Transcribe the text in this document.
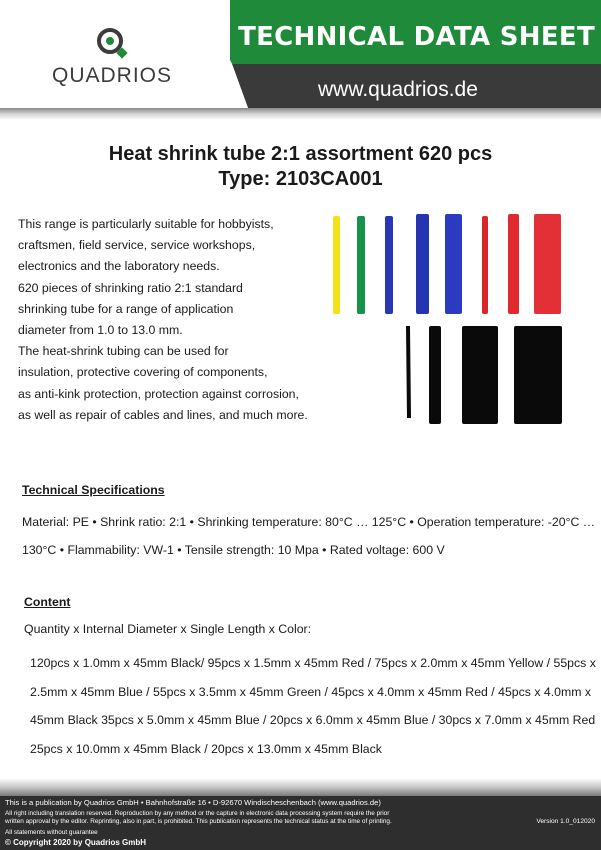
QUADRIOS
TECHNICAL DATA SHEET
www.quadrios.de
Heat shrink tube 2:1 assortment 620 pcs
Type: 2103CA001
This range is particularly suitable for hobbyists,
craftsmen, field service, service workshops,
electronics and the laboratory needs.
620 pieces of shrinking ratio 2:1 standard
shrinking tube for a range of application
diameter from 1.0 to 13.0 mm.
The heat-shrink tubing can be used for
insulation, protective covering of components,
as anti-kink protection, protection against corrosion,
as well as repair of cables and lines, and much more.
Technical Specifications
Material: PE • Shrink ratio: 2:1 • Shrinking temperature: 80°C … 125°C • Operation temperature: -20°C …
130°C • Flammability: VW-1 • Tensile strength: 10 Mpa • Rated voltage: 600 V
Content
Quantity x Internal Diameter x Single Length x Color:
120pcs x 1.0mm x 45mm Black/ 95pcs x 1.5mm x 45mm Red / 75pcs x 2.0mm x 45mm Yellow / 55pcs x
2.5mm x 45mm Blue / 55pcs x 3.5mm x 45mm Green / 45pcs x 4.0mm x 45mm Red / 45pcs x 4.0mm x
45mm Black 35pcs x 5.0mm x 45mm Blue / 20pcs x 6.0mm x 45mm Blue / 30pcs x 7.0mm x 45mm Red
25pcs x 10.0mm x 45mm Black / 20pcs x 13.0mm x 45mm Black
This is a publication by Quadrios GmbH • Bahnhofstraße 16 • D-92670 Windischeschenbach (www.quadrios.de)
All right including translation reserved. Reproduction by any method or the capture in electronic data processing system require the prior
written approval by the editor. Reprinting, also in part, is prohibited. This publication represents the technical status at the time of printing.	Version 1.0_012020
All statements without guarantee
© Copyright 2020 by Quadrios GmbH
